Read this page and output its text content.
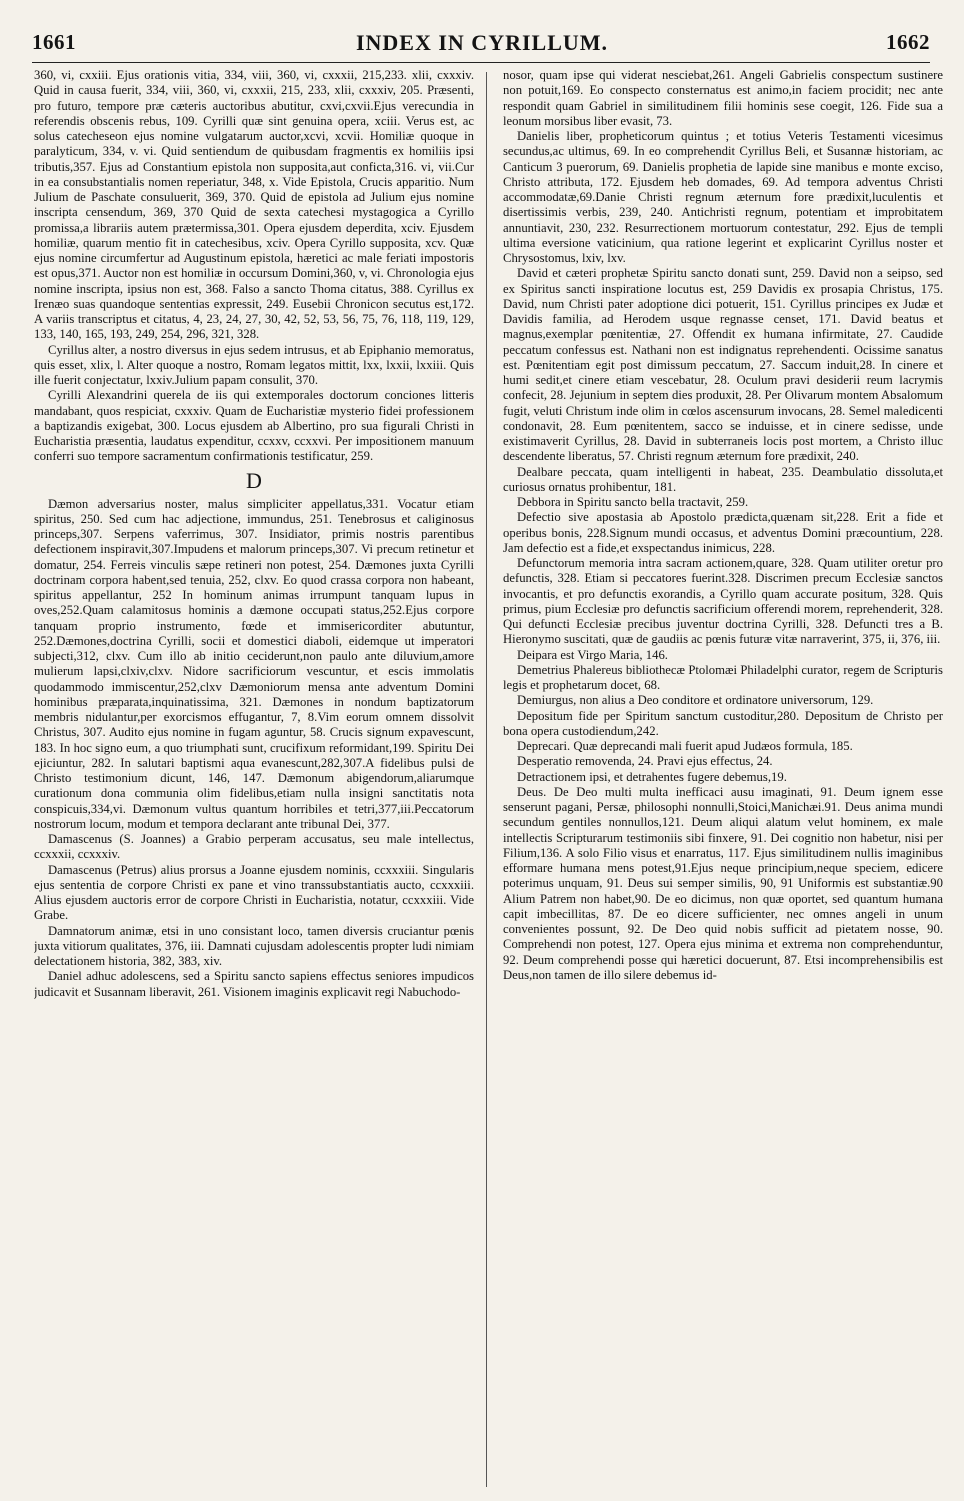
1661	INDEX IN CYRILLUM.	1662

360, vi, cxxiii. Ejus orationis vitia, 334, viii, 360, vi, cxxxii, 215,233. xlii, cxxxiv. Quid in causa fuerit, 334, viii, 360, vi, cxxxii, 215, 233, xlii, cxxxiv, 205. Præsenti, pro futuro, tempore præ cæteris auctoribus abutitur, cxvi,cxvii.Ejus verecundia in referendis obscenis rebus, 109. Cyrilli quæ sint genuina opera, xciii. Verus est, ac solus catecheseon ejus nomine vulgatarum auctor,xcvi, xcvii. Homiliæ quoque in paralyticum, 334, v. vi. Quid sentiendum de quibusdam fragmentis ex homiliis ipsi tributis,357. Ejus ad Constantium epistola non supposita,aut conficta,316. vi, vii.Cur in ea consubstantialis nomen reperiatur, 348, x. Vide Epistola, Crucis apparitio. Num Julium de Paschate consuluerit, 369, 370. Quid de epistola ad Julium ejus nomine inscripta censendum, 369, 370 Quid de sexta catechesi mystagogica a Cyrillo promissa,a librariis autem prætermissa,301. Opera ejusdem deperdita, xciv. Ejusdem homiliæ, quarum mentio fit in catechesibus, xciv. Opera Cyrillo supposita, xcv. Quæ ejus nomine circumfertur ad Augustinum epistola, hæretici ac male feriati impostoris est opus,371. Auctor non est homiliæ in occursum Domini,360, v, vi. Chronologia ejus nomine inscripta, ipsius non est, 368. Falso a sancto Thoma citatus, 388. Cyrillus ex Irenæo suas quandoque sententias expressit, 249. Eusebii Chronicon secutus est,172. A variis transcriptus et citatus, 4, 23, 24, 27, 30, 42, 52, 53, 56, 75, 76, 118, 119, 129, 133, 140, 165, 193, 249, 254, 296, 321, 328.

Cyrillus alter, a nostro diversus in ejus sedem intrusus, et ab Epiphanio memoratus, quis esset, xlix, l. Alter quoque a nostro, Romam legatos mittit, lxx, lxxii, lxxiii. Quis ille fuerit conjectatur, lxxiv.Julium papam consulit, 370.

Cyrilli Alexandrini querela de iis qui extemporales doctorum conciones litteris mandabant, quos respiciat, cxxxiv. Quam de Eucharistiæ mysterio fidei professionem a baptizandis exigebat, 300. Locus ejusdem ab Albertino, pro sua figurali Christi in Eucharistia præsentia, laudatus expenditur, ccxxv, ccxxvi. Per impositionem manuum conferri suo tempore sacramentum confirmationis testificatur, 259.

D

Dæmon adversarius noster, malus simpliciter appellatus,331. Vocatur etiam spiritus, 250. Sed cum hac adjectione, immundus, 251. Tenebrosus et caliginosus princeps,307. Serpens vaferrimus, 307. Insidiator, primis nostris parentibus defectionem inspiravit,307.Impudens et malorum princeps,307. Vi precum retinetur et domatur, 254. Ferreis vinculis sæpe retineri non potest, 254. Dæmones juxta Cyrilli doctrinam corpora habent,sed tenuia, 252, clxv. Eo quod crassa corpora non habeant, spiritus appellantur, 252 In hominum animas irrumpunt tanquam lupus in oves,252.Quam calamitosus hominis a dæmone occupati status,252.Ejus corpore tanquam proprio instrumento, fœde et immisericorditer abutuntur, 252.Dæmones,doctrina Cyrilli, socii et domestici diaboli, eidemque ut imperatori subjecti,312, clxv. Cum illo ab initio ceciderunt,non paulo ante diluvium,amore mulierum lapsi,clxiv,clxv. Nidore sacrificiorum vescuntur, et escis immolatis quodammodo immiscentur,252,clxv Dæmoniorum mensa ante adventum Domini hominibus præparata,inquinatissima, 321. Dæmones in nondum baptizatorum membris nidulantur,per exorcismos effugantur, 7, 8.Vim eorum omnem dissolvit Christus, 307. Audito ejus nomine in fugam aguntur, 58. Crucis signum expavescunt, 183. In hoc signo eum, a quo triumphati sunt, crucifixum reformidant,199. Spiritu Dei ejiciuntur, 282. In salutari baptismi aqua evanescunt,282,307.A fidelibus pulsi de Christo testimonium dicunt, 146, 147. Dæmonum abigendorum,aliarumque curationum dona communia olim fidelibus,etiam nulla insigni sanctitatis nota conspicuis,334,vi. Dæmonum vultus quantum horribiles et tetri,377,iii.Peccatorum nostrorum locum, modum et tempora declarant ante tribunal Dei, 377.

Damascenus (S. Joannes) a Grabio perperam accusatus, seu male intellectus, ccxxxii, ccxxxiv.

Damascenus (Petrus) alius prorsus a Joanne ejusdem nominis, ccxxxiii. Singularis ejus sententia de corpore Christi ex pane et vino transsubstantiatis aucto, ccxxxiii. Alius ejusdem auctoris error de corpore Christi in Eucharistia, notatur, ccxxxiii. Vide Grabe.

Damnatorum animæ, etsi in uno consistant loco, tamen diversis cruciantur pœnis juxta vitiorum qualitates, 376, iii. Damnati cujusdam adolescentis propter ludi nimiam delectationem historia, 382, 383, xiv.

Daniel adhuc adolescens, sed a Spiritu sancto sapiens effectus seniores impudicos judicavit et Susannam liberavit, 261. Visionem imaginis explicavit regi Nabuchodo-

nosor, quam ipse qui viderat nesciebat,261. Angeli Gabrielis conspectum sustinere non potuit,169. Eo conspecto consternatus est animo,in faciem procidit; nec ante respondit quam Gabriel in similitudinem filii hominis sese coegit, 126. Fide sua a leonum morsibus liber evasit, 73.

Danielis liber, propheticorum quintus ; et totius Veteris Testamenti vicesimus secundus,ac ultimus, 69. In eo comprehendit Cyrillus Beli, et Susannæ historiam, ac Canticum 3 puerorum, 69. Danielis prophetia de lapide sine manibus e monte exciso, Christo attributa, 172. Ejusdem heb domades, 69. Ad tempora adventus Christi accommodatæ,69.Danie Christi regnum æternum fore prædixit,luculentis et disertissimis verbis, 239, 240. Antichristi regnum, potentiam et improbitatem annuntiavit, 230, 232. Resurrectionem mortuorum contestatur, 292. Ejus de templi ultima eversione vaticinium, qua ratione legerint et explicarint Cyrillus noster et Chrysostomus, lxiv, lxv.

David et cæteri prophetæ Spiritu sancto donati sunt, 259. David non a seipso, sed ex Spiritus sancti inspiratione locutus est, 259 Davidis ex prosapia Christus, 175. David, num Christi pater adoptione dici potuerit, 151. Cyrillus principes ex Judæ et Davidis familia, ad Herodem usque regnasse censet, 171. David beatus et magnus,exemplar pœnitentiæ, 27. Offendit ex humana infirmitate, 27. Caudide peccatum confessus est. Nathani non est indignatus reprehendenti. Ocissime sanatus est. Pœnitentiam egit post dimissum peccatum, 27. Saccum induit,28. In cinere et humi sedit,et cinere etiam vescebatur, 28. Oculum pravi desiderii reum lacrymis confecit, 28. Jejunium in septem dies produxit, 28. Per Olivarum montem Absalomum fugit, veluti Christum inde olim in cœlos ascensurum invocans, 28. Semel maledicenti condonavit, 28. Eum pœnitentem, sacco se induisse, et in cinere sedisse, unde existimaverit Cyrillus, 28. David in subterraneis locis post mortem, a Christo illuc descendente liberatus, 57. Christi regnum æternum fore prædixit, 240.

Dealbare peccata, quam intelligenti in habeat, 235. Deambulatio dissoluta,et curiosus ornatus prohibentur, 181.

Debbora in Spiritu sancto bella tractavit, 259.

Defectio sive apostasia ab Apostolo prædicta,quænam sit,228. Erit a fide et operibus bonis, 228.Signum mundi occasus, et adventus Domini præcountium, 228. Jam defectio est a fide,et exspectandus inimicus, 228.

Defunctorum memoria intra sacram actionem,quare, 328. Quam utiliter oretur pro defunctis, 328. Etiam si peccatores fuerint.328. Discrimen precum Ecclesiæ sanctos invocantis, et pro defunctis exorandis, a Cyrillo quam accurate positum, 328. Quis primus, pium Ecclesiæ pro defunctis sacrificium offerendi morem, reprehenderit, 328. Qui defuncti Ecclesiæ precibus juventur doctrina Cyrilli, 328. Defuncti tres a B. Hieronymo suscitati, quæ de gaudiis ac pœnis futuræ vitæ narraverint, 375, ii, 376, iii.

Deipara est Virgo Maria, 146.

Demetrius Phalereus bibliothecæ Ptolomæi Philadelphi curator, regem de Scripturis legis et prophetarum docet, 68.

Demiurgus, non alius a Deo conditore et ordinatore universorum, 129.

Depositum fide per Spiritum sanctum custoditur,280. Depositum de Christo per bona opera custodiendum,242.

Deprecari. Quæ deprecandi mali fuerit apud Judæos formula, 185.

Desperatio removenda, 24. Pravi ejus effectus, 24.

Detractionem ipsi, et detrahentes fugere debemus,19.

Deus. De Deo multi multa inefficaci ausu imaginati, 91. Deum ignem esse senserunt pagani, Persæ, philosophi nonnulli,Stoici,Manichæi.91. Deus anima mundi secundum gentiles nonnullos,121. Deum aliqui alatum velut hominem, ex male intellectis Scripturarum testimoniis sibi finxere, 91. Dei cognitio non habetur, nisi per Filium,136. A solo Filio visus et enarratus, 117. Ejus similitudinem nullis imaginibus efformare humana mens potest,91.Ejus neque principium,neque speciem, edicere poterimus unquam, 91. Deus sui semper similis, 90, 91 Uniformis est substantiæ.90 Alium Patrem non habet,90. De eo dicimus, non quæ oportet, sed quantum humana capit imbecillitas, 87. De eo dicere sufficienter, nec omnes angeli in unum convenientes possunt, 92. De Deo quid nobis sufficit ad pietatem nosse, 90. Comprehendi non potest, 127. Opera ejus minima et extrema non comprehenduntur, 92. Deum comprehendi posse qui hæretici docuerunt, 87. Etsi incomprehensibilis est Deus,non tamen de illo silere debemus id-
